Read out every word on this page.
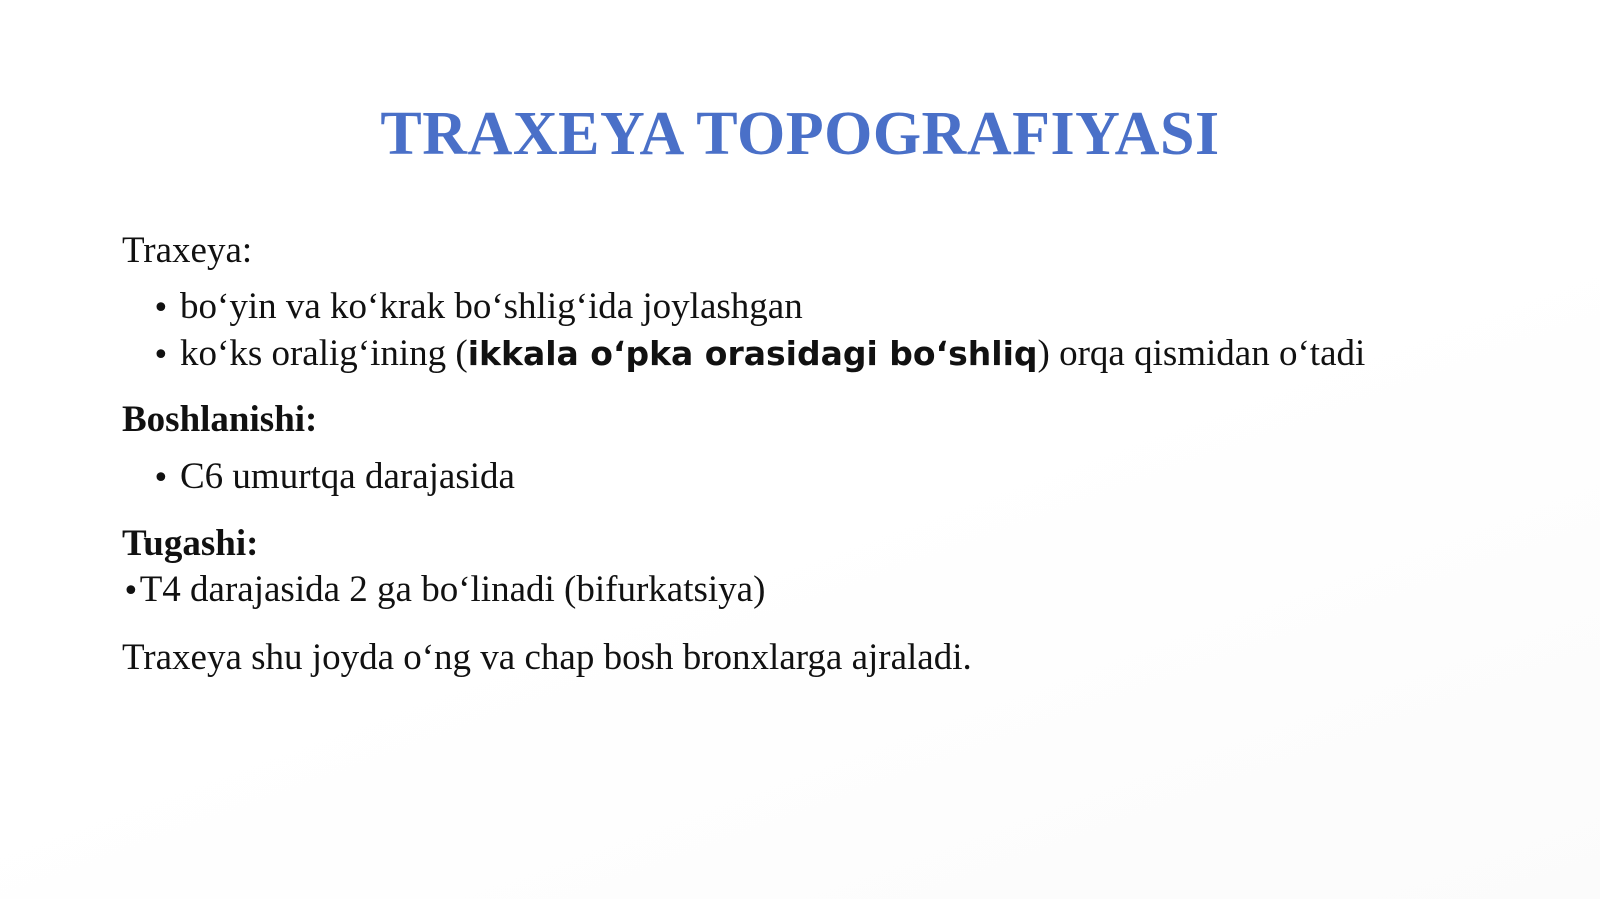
TRAXEYA TOPOGRAFIYASI
Traxeya:
• bo‘yin va ko‘krak bo‘shlig‘ida joylashgan
• ko‘ks oralig‘ining (ikkala o‘pka orasidagi bo‘shliq) orqa qismidan o‘tadi
Boshlanishi:
• C6 umurtqa darajasida
Tugashi:
•T4 darajasida 2 ga bo‘linadi (bifurkatsiya)
Traxeya shu joyda o‘ng va chap bosh bronxlarga ajraladi.
